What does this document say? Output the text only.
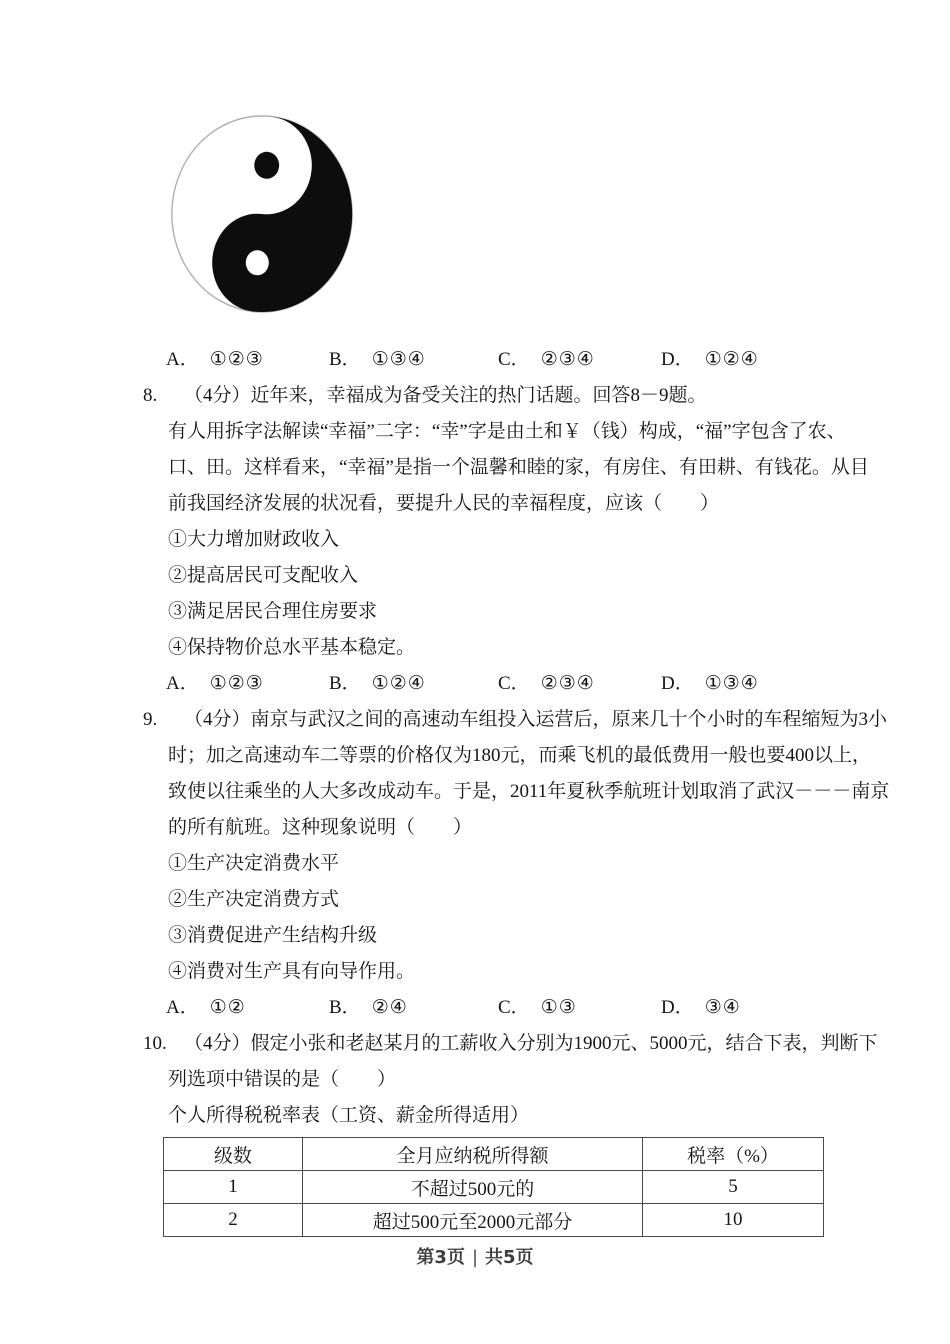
A． ①②③	B． ①③④	C． ②③④	D． ①②④
8. （4分）近年来，幸福成为备受关注的热门话题。回答8－9题。
有人用拆字法解读“幸福”二字：“幸”字是由土和￥（钱）构成，“福”字包含了农、
口、田。这样看来，“幸福”是指一个温馨和睦的家，有房住、有田耕、有钱花。从目
前我国经济发展的状况看，要提升人民的幸福程度，应该（　　）
①大力增加财政收入
②提高居民可支配收入
③满足居民合理住房要求
④保持物价总水平基本稳定。
A． ①②③	B． ①②④	C． ②③④	D． ①③④
9. （4分）南京与武汉之间的高速动车组投入运营后，原来几十个小时的车程缩短为3小
时；加之高速动车二等票的价格仅为180元，而乘飞机的最低费用一般也要400以上，
致使以往乘坐的人大多改成动车。于是，2011年夏秋季航班计划取消了武汉－－－南京
的所有航班。这种现象说明（　　）
①生产决定消费水平
②生产决定消费方式
③消费促进产生结构升级
④消费对生产具有向导作用。
A． ①②	B． ②④	C． ①③	D． ③④
10. （4分）假定小张和老赵某月的工薪收入分别为1900元、5000元，结合下表，判断下
列选项中错误的是（　　）
个人所得税税率表（工资、薪金所得适用）
级数	全月应纳税所得额	税率（%）
1	不超过500元的	5
2	超过500元至2000元部分	10
第3页 | 共5页
